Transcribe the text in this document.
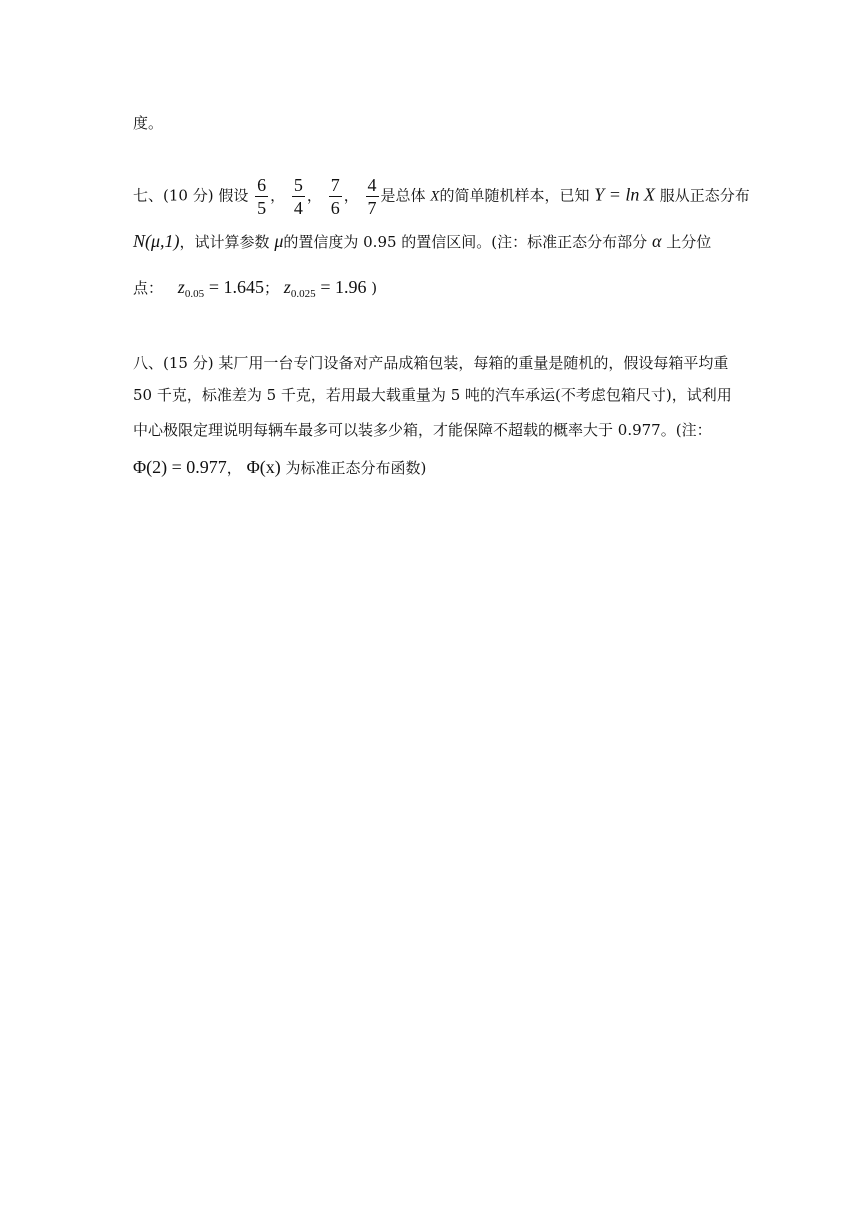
度。
七、(10 分) 假设 $\frac{6}{5}$ ， $\frac{5}{4}$ ， $\frac{7}{6}$ ， $\frac{4}{7}$ 是总体 X的简单随机样本，已知 Y = ln X 服从正态分布
N(μ,1)，试计算参数 μ的置信度为 0.95 的置信区间。(注：标准正态分布部分 α 上分位
点： $z_{0.05} = 1.645$； $z_{0.025} = 1.96$ )
八、(15 分) 某厂用一台专门设备对产品成箱包装，每箱的重量是随机的，假设每箱平均重
50 千克，标准差为 5 千克，若用最大载重量为 5 吨的汽车承运(不考虑包箱尺寸)，试利用
中心极限定理说明每辆车最多可以装多少箱，才能保障不超载的概率大于 0.977。(注：
Φ(2) = 0.977， Φ(x) 为标准正态分布函数)
